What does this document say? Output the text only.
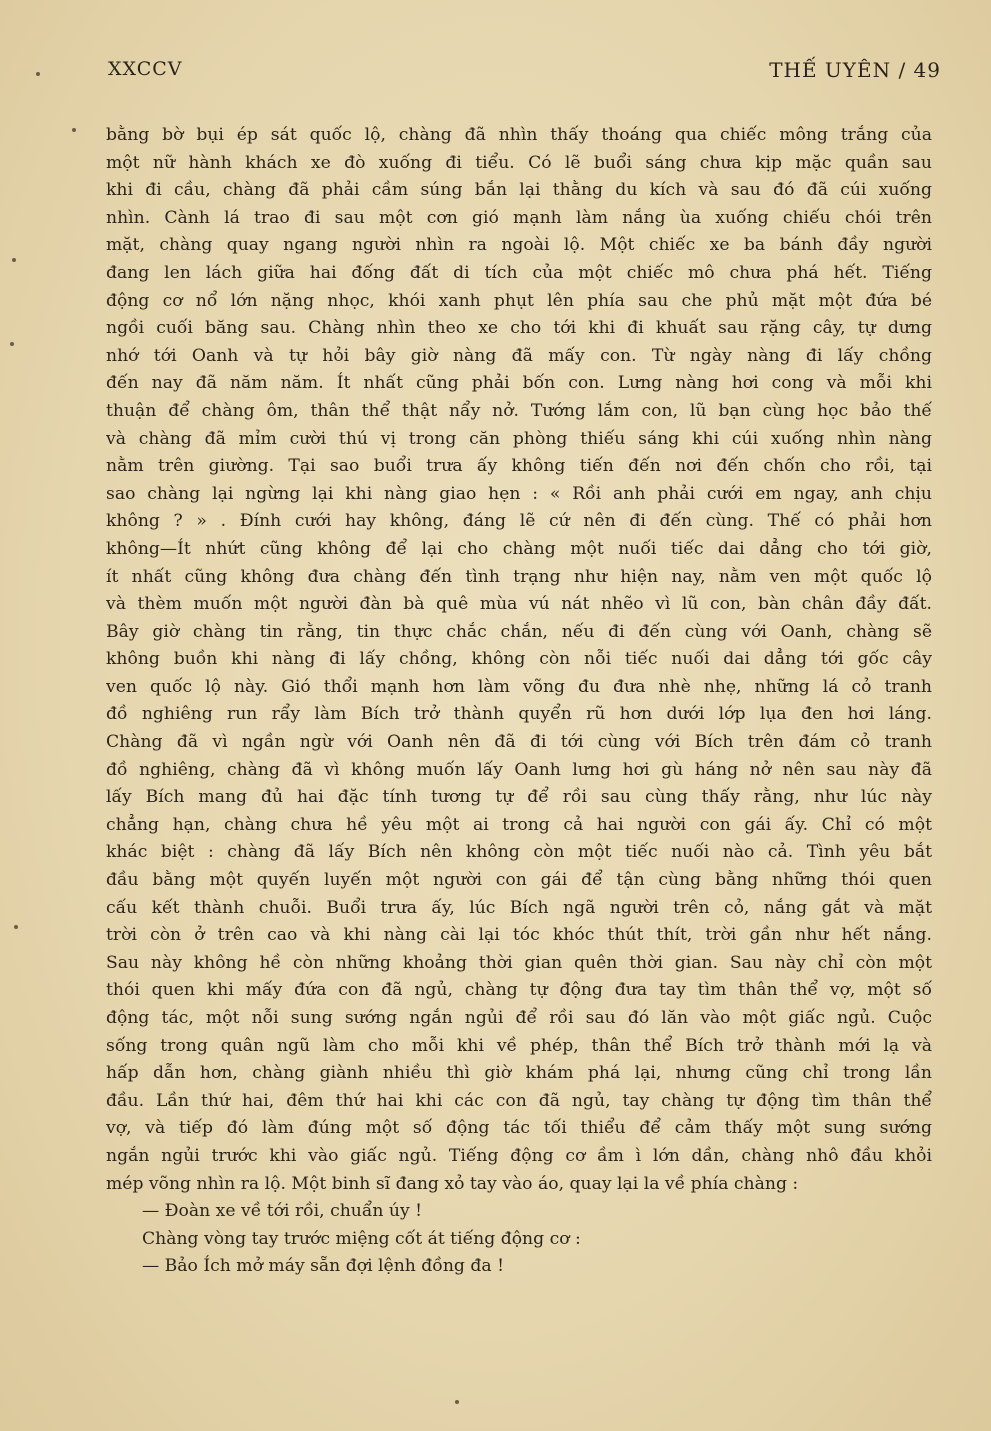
XXCCV	THẾ UYÊN / 49
bằng bờ bụi ép sát quốc lộ, chàng đã nhìn thấy thoáng qua chiếc mông trắng của
một nữ hành khách xe đò xuống đi tiểu. Có lẽ buổi sáng chưa kịp mặc quần sau
khi đi cầu, chàng đã phải cầm súng bắn lại thằng du kích và sau đó đã cúi xuống
nhìn. Cành lá trao đi sau một cơn gió mạnh làm nắng ùa xuống chiếu chói trên
mặt, chàng quay ngang người nhìn ra ngoài lộ. Một chiếc xe ba bánh đầy người
đang len lách giữa hai đống đất di tích của một chiếc mô chưa phá hết. Tiếng
động cơ nổ lớn nặng nhọc, khói xanh phụt lên phía sau che phủ mặt một đứa bé
ngồi cuối băng sau. Chàng nhìn theo xe cho tới khi đi khuất sau rặng cây, tự dưng
nhớ tới Oanh và tự hỏi bây giờ nàng đã mấy con. Từ ngày nàng đi lấy chồng
đến nay đã năm năm. Ít nhất cũng phải bốn con. Lưng nàng hơi cong và mỗi khi
thuận để chàng ôm, thân thể thật nẩy nở. Tướng lắm con, lũ bạn cùng học bảo thế
và chàng đã mỉm cười thú vị trong căn phòng thiếu sáng khi cúi xuống nhìn nàng
nằm trên giường. Tại sao buổi trưa ấy không tiến đến nơi đến chốn cho rồi, tại
sao chàng lại ngừng lại khi nàng giao hẹn : « Rồi anh phải cưới em ngay, anh chịu
không ? » . Đính cưới hay không, đáng lẽ cứ nên đi đến cùng. Thế có phải hơn
không—Ít nhứt cũng không để lại cho chàng một nuối tiếc dai dẳng cho tới giờ,
ít nhất cũng không đưa chàng đến tình trạng như hiện nay, nằm ven một quốc lộ
và thèm muốn một người đàn bà quê mùa vú nát nhẽo vì lũ con, bàn chân đầy đất.
Bây giờ chàng tin rằng, tin thực chắc chắn, nếu đi đến cùng với Oanh, chàng sẽ
không buồn khi nàng đi lấy chồng, không còn nỗi tiếc nuối dai dẳng tới gốc cây
ven quốc lộ này. Gió thổi mạnh hơn làm võng đu đưa nhè nhẹ, những lá cỏ tranh
đồ nghiêng run rẩy làm Bích trở thành quyển rũ hơn dưới lớp lụa đen hơi láng.
Chàng đã vì ngần ngừ với Oanh nên đã đi tới cùng với Bích trên đám cỏ tranh
đồ nghiêng, chàng đã vì không muốn lấy Oanh lưng hơi gù háng nở nên sau này đã
lấy Bích mang đủ hai đặc tính tương tự để rồi sau cùng thấy rằng, như lúc này
chẳng hạn, chàng chưa hề yêu một ai trong cả hai người con gái ấy. Chỉ có một
khác biệt : chàng đã lấy Bích nên không còn một tiếc nuối nào cả. Tình yêu bắt
đầu bằng một quyến luyến một người con gái để tận cùng bằng những thói quen
cấu kết thành chuỗi. Buổi trưa ấy, lúc Bích ngã người trên cỏ, nắng gắt và mặt
trời còn ở trên cao và khi nàng cài lại tóc khóc thút thít, trời gần như hết nắng.
Sau này không hề còn những khoảng thời gian quên thời gian. Sau này chỉ còn một
thói quen khi mấy đứa con đã ngủ, chàng tự động đưa tay tìm thân thể vợ, một số
động tác, một nỗi sung sướng ngắn ngủi để rồi sau đó lăn vào một giấc ngủ. Cuộc
sống trong quân ngũ làm cho mỗi khi về phép, thân thể Bích trở thành mới lạ và
hấp dẫn hơn, chàng giành nhiều thì giờ khám phá lại, nhưng cũng chỉ trong lần
đầu. Lần thứ hai, đêm thứ hai khi các con đã ngủ, tay chàng tự động tìm thân thể
vợ, và tiếp đó làm đúng một số động tác tối thiểu để cảm thấy một sung sướng
ngắn ngủi trước khi vào giấc ngủ. Tiếng động cơ ầm ì lớn dần, chàng nhô đầu khỏi
mép võng nhìn ra lộ. Một binh sĩ đang xỏ tay vào áo, quay lại la về phía chàng :
— Đoàn xe về tới rồi, chuẩn úy !
Chàng vòng tay trước miệng cốt át tiếng động cơ :
— Bảo Ích mở máy sẵn đợi lệnh đồng đa !
